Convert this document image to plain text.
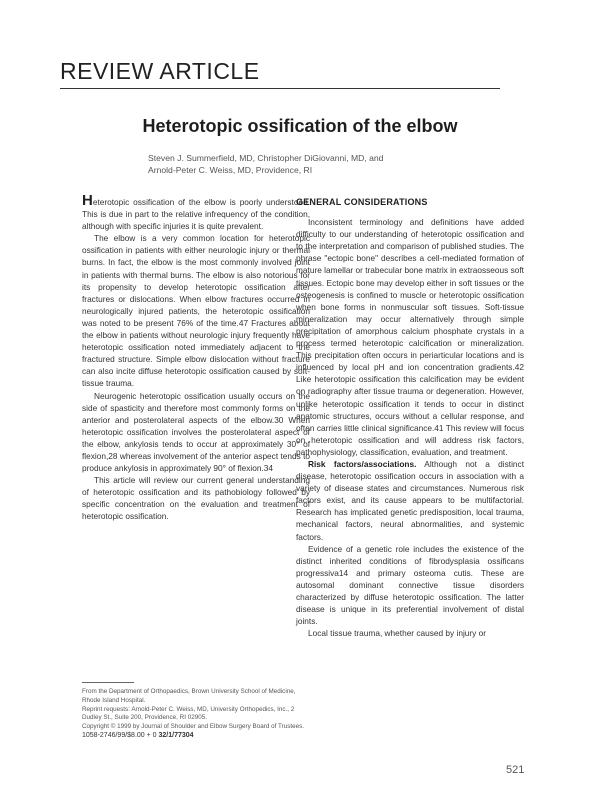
REVIEW ARTICLE
Heterotopic ossification of the elbow
Steven J. Summerfield, MD, Christopher DiGiovanni, MD, and
Arnold-Peter C. Weiss, MD, Providence, RI

Heterotopic ossification of the elbow is poorly understood. This is due in part to the relative infrequency of the condition, although with specific injuries it is quite prevalent.

The elbow is a very common location for heterotopic ossification in patients with either neurologic injury or thermal burns. In fact, the elbow is the most commonly involved joint in patients with thermal burns. The elbow is also notorious for its propensity to develop heterotopic ossification after fractures or dislocations. When elbow fractures occurred in neurologically injured patients, the heterotopic ossification was noted to be present 76% of the time.47 Fractures about the elbow in patients without neurologic injury frequently have heterotopic ossification noted immediately adjacent to the fractured structure. Simple elbow dislocation without fracture can also incite diffuse heterotopic ossification caused by soft-tissue trauma.

Neurogenic heterotopic ossification usually occurs on the side of spasticity and therefore most commonly forms on the anterior and posterolateral aspects of the elbow.30 When heterotopic ossification involves the posterolateral aspect of the elbow, ankylosis tends to occur at approximately 30° of flexion,28 whereas involvement of the anterior aspect tends to produce ankylosis in approximately 90° of flexion.34

This article will review our current general understanding of heterotopic ossification and its pathobiology followed by specific concentration on the evaluation and treatment of heterotopic ossification.

GENERAL CONSIDERATIONS

Inconsistent terminology and definitions have added difficulty to our understanding of heterotopic ossification and to the interpretation and comparison of published studies. The phrase "ectopic bone" describes a cell-mediated formation of mature lamellar or trabecular bone matrix in extraosseous soft tissues. Ectopic bone may develop either in soft tissues or the osteogenesis is confined to muscle or heterotopic ossification when bone forms in nonmuscular soft tissues. Soft-tissue mineralization may occur alternatively through simple precipitation of amorphous calcium phosphate crystals in a process termed heterotopic calcification or mineralization. This precipitation often occurs in periarticular locations and is influenced by local pH and ion concentration gradients.42 Like heterotopic ossification this calcification may be evident on radiography after tissue trauma or degeneration. However, unlike heterotopic ossification it tends to occur in distinct anatomic structures, occurs without a cellular response, and often carries little clinical significance.41 This review will focus on heterotopic ossification and will address risk factors, pathophysiology, classification, evaluation, and treatment.

Risk factors/associations. Although not a distinct disease, heterotopic ossification occurs in association with a variety of disease states and circumstances. Numerous risk factors exist, and its cause appears to be multifactorial. Research has implicated genetic predisposition, local trauma, mechanical factors, neural abnormalities, and systemic factors.

Evidence of a genetic role includes the existence of the distinct inherited conditions of fibrodysplasia ossificans progressiva14 and primary osteoma cutis. These are autosomal dominant connective tissue disorders characterized by diffuse heterotopic ossification. The latter disease is unique in its preferential involvement of distal joints.

Local tissue trauma, whether caused by injury or

From the Department of Orthopaedics, Brown University School of Medicine, Rhode Island Hospital.

Reprint requests: Arnold-Peter C. Weiss, MD, University Orthopedics, Inc., 2 Dudley St., Suite 200, Providence, RI 02905.

Copyright © 1999 by Journal of Shoulder and Elbow Surgery Board of Trustees.

1058-2746/99/$8.00 + 0 32/1/77304

521
